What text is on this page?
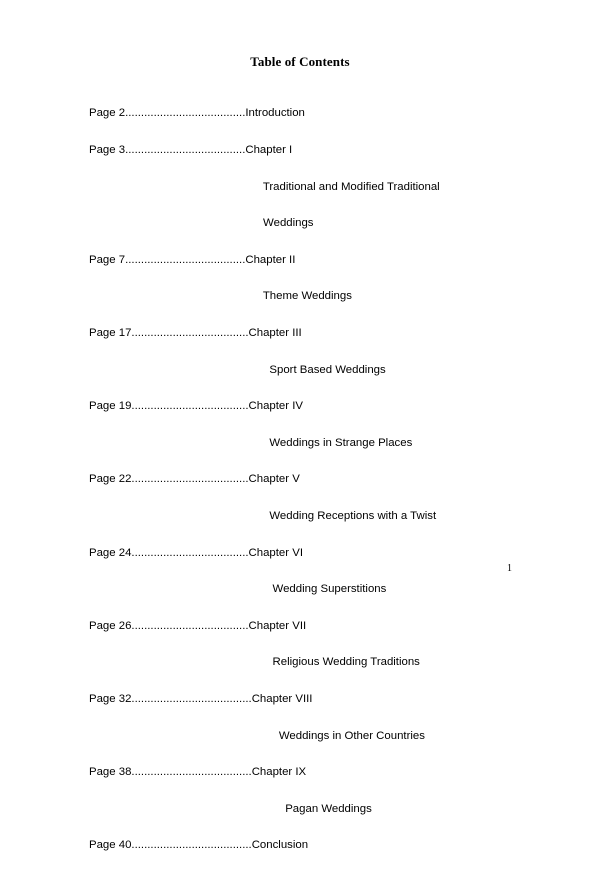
Table of Contents

Page 2......................................Introduction

Page 3......................................Chapter I

Traditional and Modified Traditional

Weddings

Page 7......................................Chapter II

Theme Weddings

Page 17.....................................Chapter III

Sport Based Weddings

Page 19.....................................Chapter IV

Weddings in Strange Places

Page 22.....................................Chapter V

Wedding Receptions with a Twist

Page 24.....................................Chapter VI

Wedding Superstitions

Page 26.....................................Chapter VII

Religious Wedding Traditions

Page 32......................................Chapter VIII

Weddings in Other Countries

Page 38......................................Chapter IX

Pagan Weddings

Page 40......................................Conclusion

1
